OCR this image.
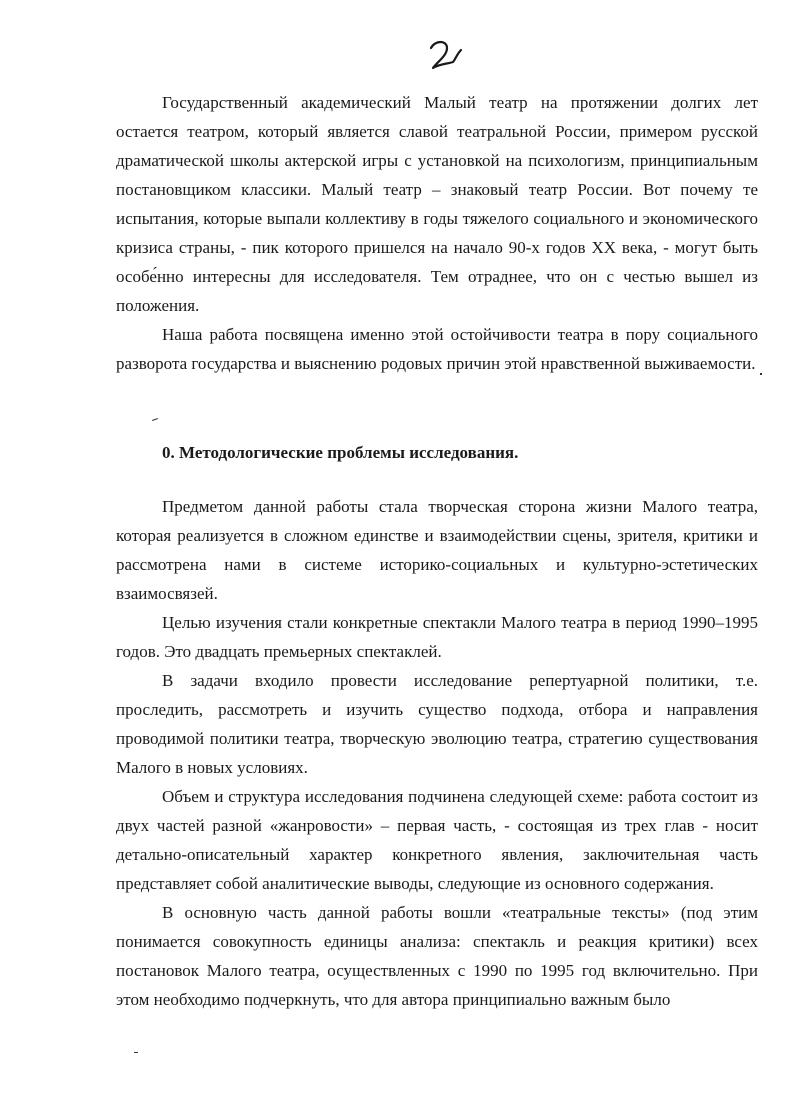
Государственный академический Малый театр на протяжении долгих лет остается театром, который является славой театральной России, примером русской драматической школы актерской игры с установкой на психологизм, принципиальным постановщиком классики. Малый театр – знаковый театр России. Вот почему те испытания, которые выпали коллективу в годы тяжелого социального и экономического кризиса страны, - пик которого пришелся на начало 90-х годов XX века, - могут быть особе́нно интересны для исследователя. Тем отраднее, что он с честью вышел из положения.

Наша работа посвящена именно этой остойчивости театра в пору социального разворота государства и выяснению родовых причин этой нравственной выживаемости.

0. Методологические проблемы исследования.

Предметом данной работы стала творческая сторона жизни Малого театра, которая реализуется в сложном единстве и взаимодействии сцены, зрителя, критики и рассмотрена нами в системе историко-социальных и культурно-эстетических взаимосвязей.

Целью изучения стали конкретные спектакли Малого театра в период 1990–1995 годов. Это двадцать премьерных спектаклей.

В задачи входило провести исследование репертуарной политики, т.е. проследить, рассмотреть и изучить существо подхода, отбора и направления проводимой политики театра, творческую эволюцию театра, стратегию существования Малого в новых условиях.

Объем и структура исследования подчинена следующей схеме: работа состоит из двух частей разной «жанровости» – первая часть, - состоящая из трех глав - носит детально-описательный характер конкретного явления, заключительная часть представляет собой аналитические выводы, следующие из основного содержания.

В основную часть данной работы вошли «театральные тексты» (под этим понимается совокупность единицы анализа: спектакль и реакция критики) всех постановок Малого театра, осуществленных с 1990 по 1995 год включительно. При этом необходимо подчеркнуть, что для автора принципиально важным было
